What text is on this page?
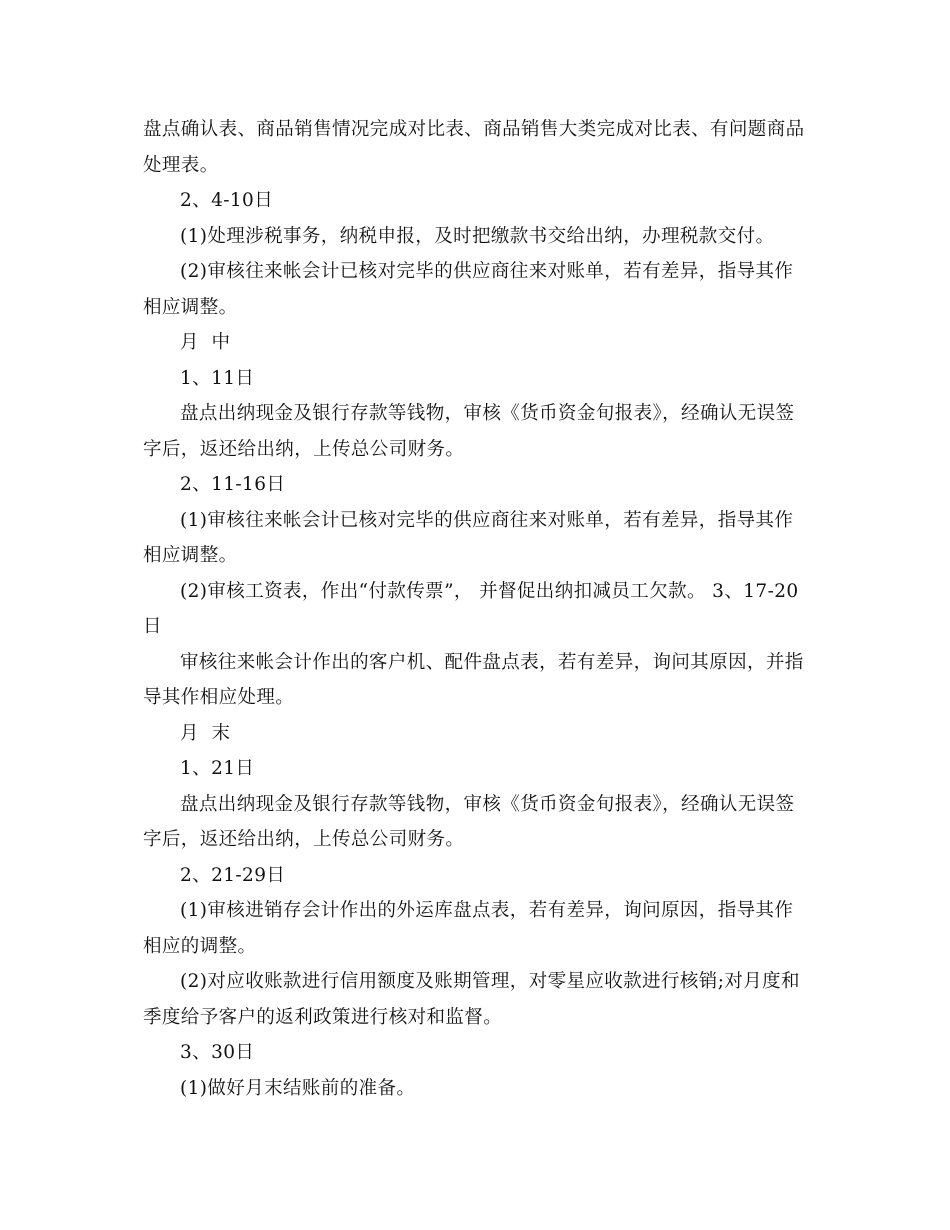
盘点确认表、商品销售情况完成对比表、商品销售大类完成对比表、有问题商品处理表。

2、4-10日

(1)处理涉税事务，纳税申报，及时把缴款书交给出纳，办理税款交付。

(2)审核往来帐会计已核对完毕的供应商往来对账单，若有差异，指导其作相应调整。

月  中

1、11日

盘点出纳现金及银行存款等钱物，审核《货币资金旬报表》，经确认无误签字后，返还给出纳，上传总公司财务。

2、11-16日

(1)审核往来帐会计已核对完毕的供应商往来对账单，若有差异，指导其作相应调整。

(2)审核工资表，作出“付款传票”， 并督促出纳扣减员工欠款。 3、17-20日

审核往来帐会计作出的客户机、配件盘点表，若有差异，询问其原因，并指导其作相应处理。

月  末

1、21日

盘点出纳现金及银行存款等钱物，审核《货币资金旬报表》，经确认无误签字后，返还给出纳，上传总公司财务。

2、21-29日

(1)审核进销存会计作出的外运库盘点表，若有差异，询问原因，指导其作相应的调整。

(2)对应收账款进行信用额度及账期管理，对零星应收款进行核销;对月度和季度给予客户的返利政策进行核对和监督。

3、30日

(1)做好月末结账前的准备。
